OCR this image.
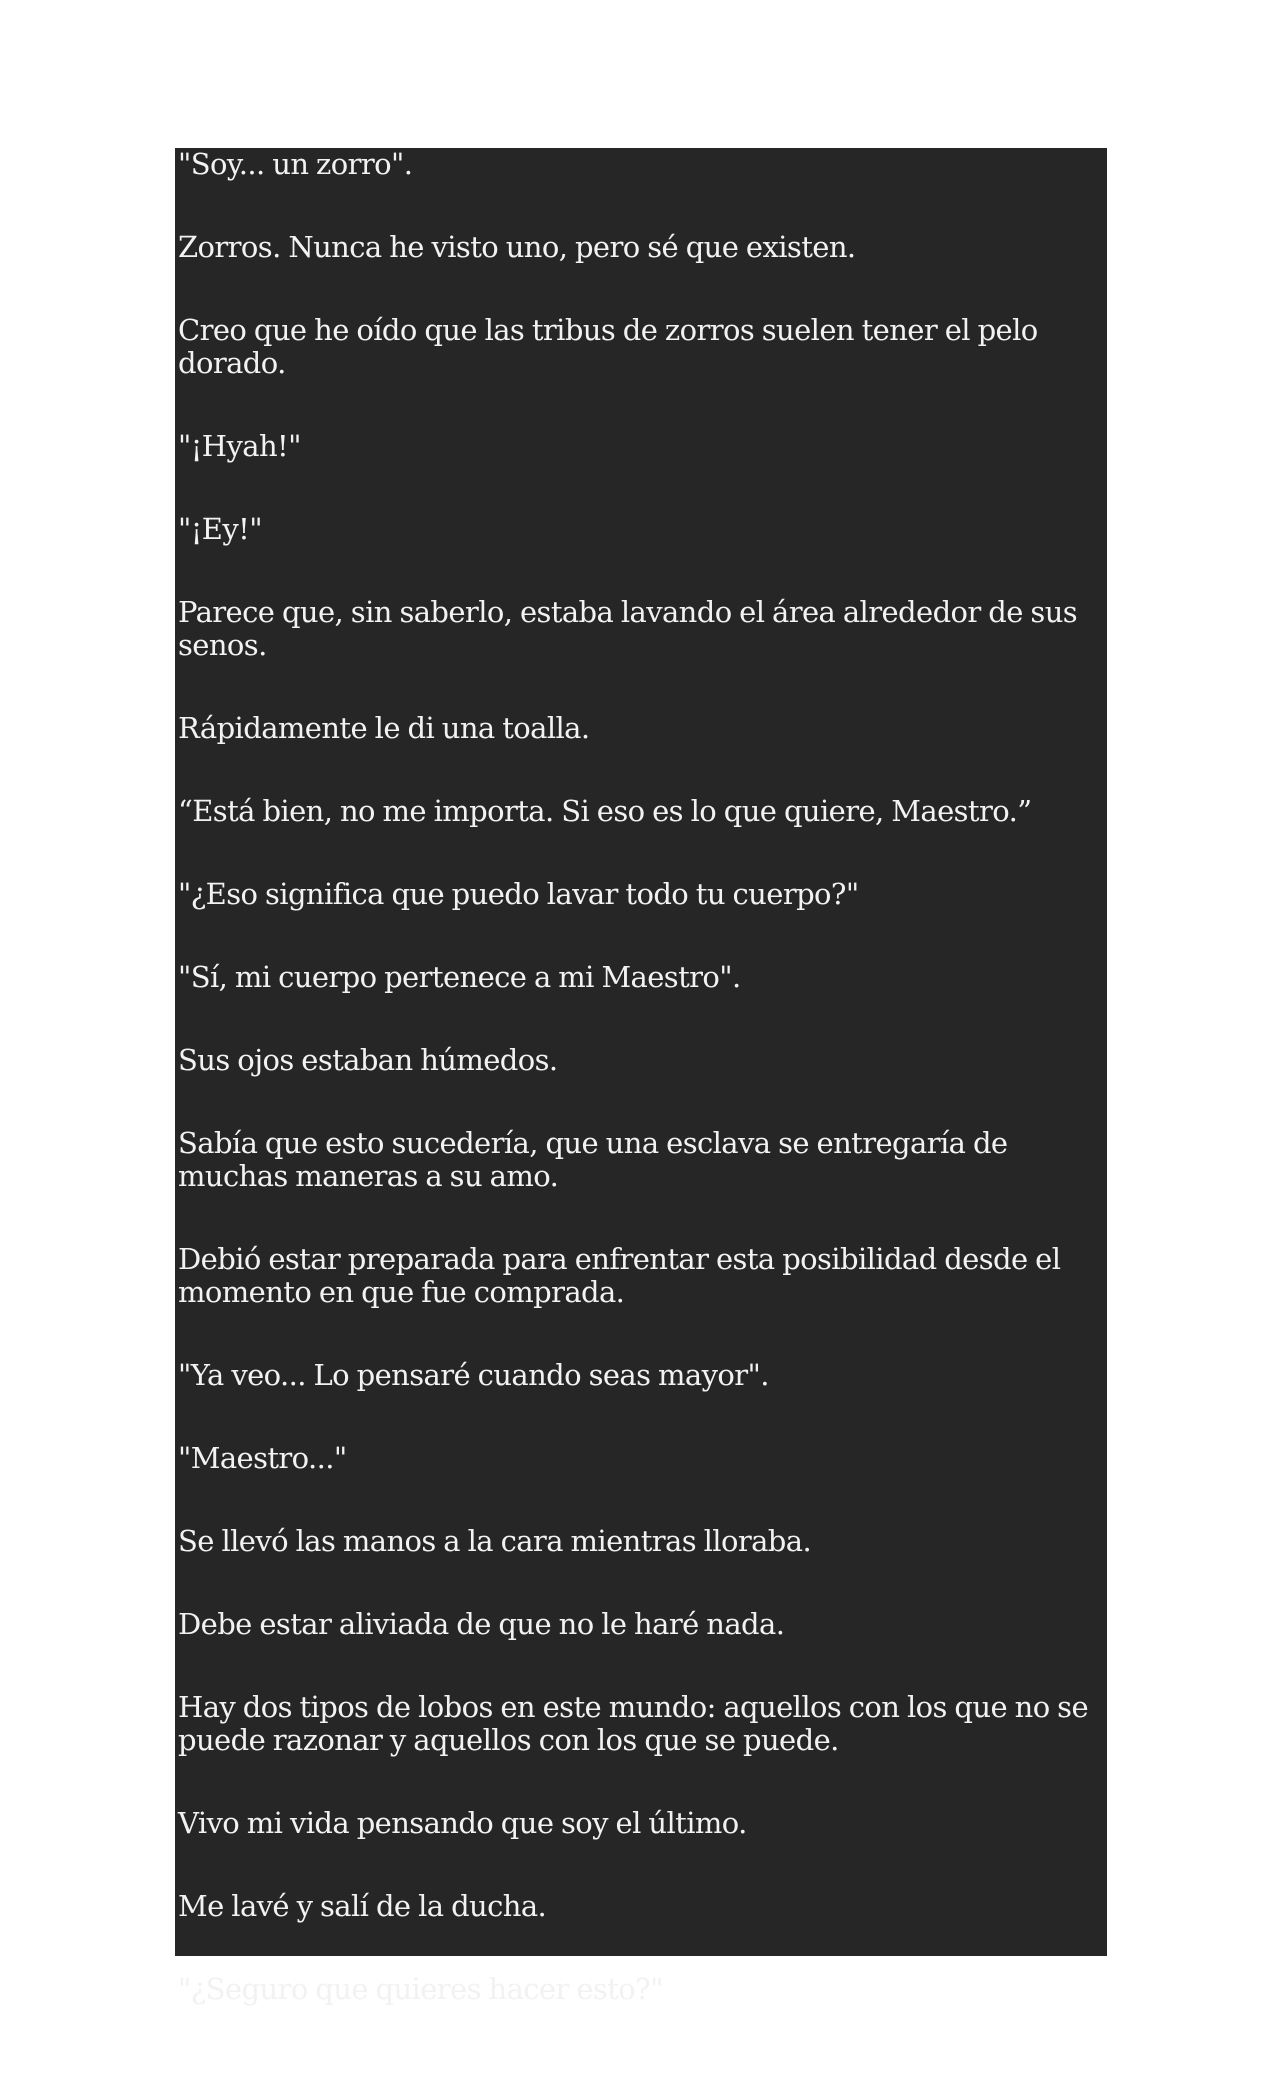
"Soy... un zorro".

Zorros. Nunca he visto uno, pero sé que existen.

Creo que he oído que las tribus de zorros suelen tener el pelo dorado.

"¡Hyah!"

"¡Ey!"

Parece que, sin saberlo, estaba lavando el área alrededor de sus senos.

Rápidamente le di una toalla.

“Está bien, no me importa. Si eso es lo que quiere, Maestro.”

"¿Eso significa que puedo lavar todo tu cuerpo?"

"Sí, mi cuerpo pertenece a mi Maestro".

Sus ojos estaban húmedos.

Sabía que esto sucedería, que una esclava se entregaría de muchas maneras a su amo.

Debió estar preparada para enfrentar esta posibilidad desde el momento en que fue comprada.

"Ya veo... Lo pensaré cuando seas mayor".

"Maestro..."

Se llevó las manos a la cara mientras lloraba.

Debe estar aliviada de que no le haré nada.

Hay dos tipos de lobos en este mundo: aquellos con los que no se puede razonar y aquellos con los que se puede.

Vivo mi vida pensando que soy el último.

Me lavé y salí de la ducha.

"¿Seguro que quieres hacer esto?"
